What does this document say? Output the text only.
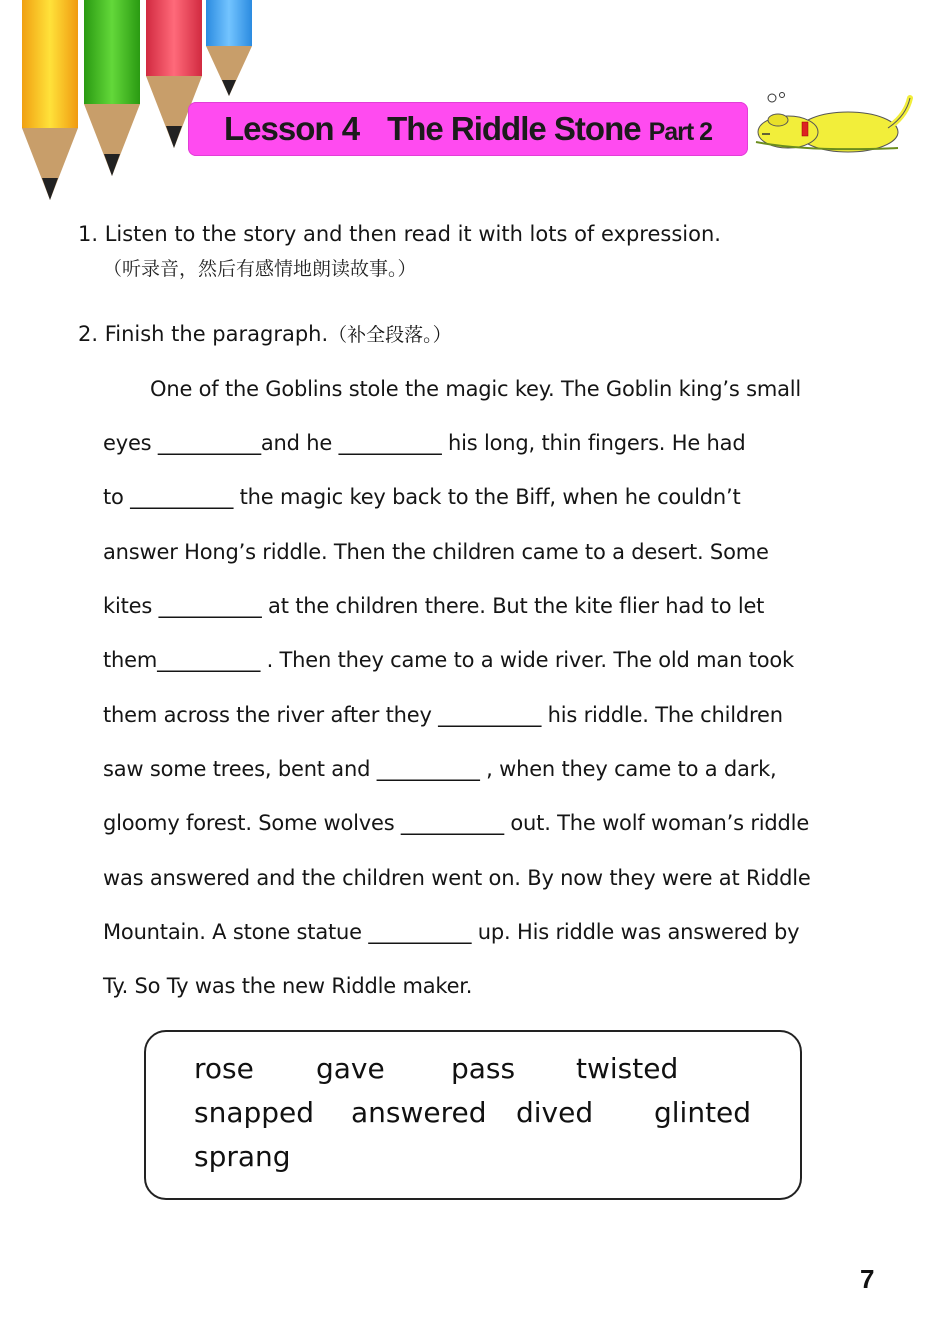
Lesson 4 The Riddle Stone Part 2
1. Listen to the story and then read it with lots of expression.
（听录音，然后有感情地朗读故事。）
2. Finish the paragraph.（补全段落。）
One of the Goblins stole the magic key. The Goblin king’s small
eyes __________and he __________ his long, thin fingers. He had
to __________ the magic key back to the Biff, when he couldn’t
answer Hong’s riddle. Then the children came to a desert. Some
kites __________ at the children there. But the kite flier had to let
them__________ . Then they came to a wide river. The old man took
them across the river after they __________ his riddle. The children
saw some trees, bent and __________ , when they came to a dark,
gloomy forest. Some wolves __________ out. The wolf woman’s riddle
was answered and the children went on. By now they were at Riddle
Mountain. A stone statue __________ up. His riddle was answered by
Ty. So Ty was the new Riddle maker.
rose gave pass twisted
snapped answered dived glinted
sprang
7
